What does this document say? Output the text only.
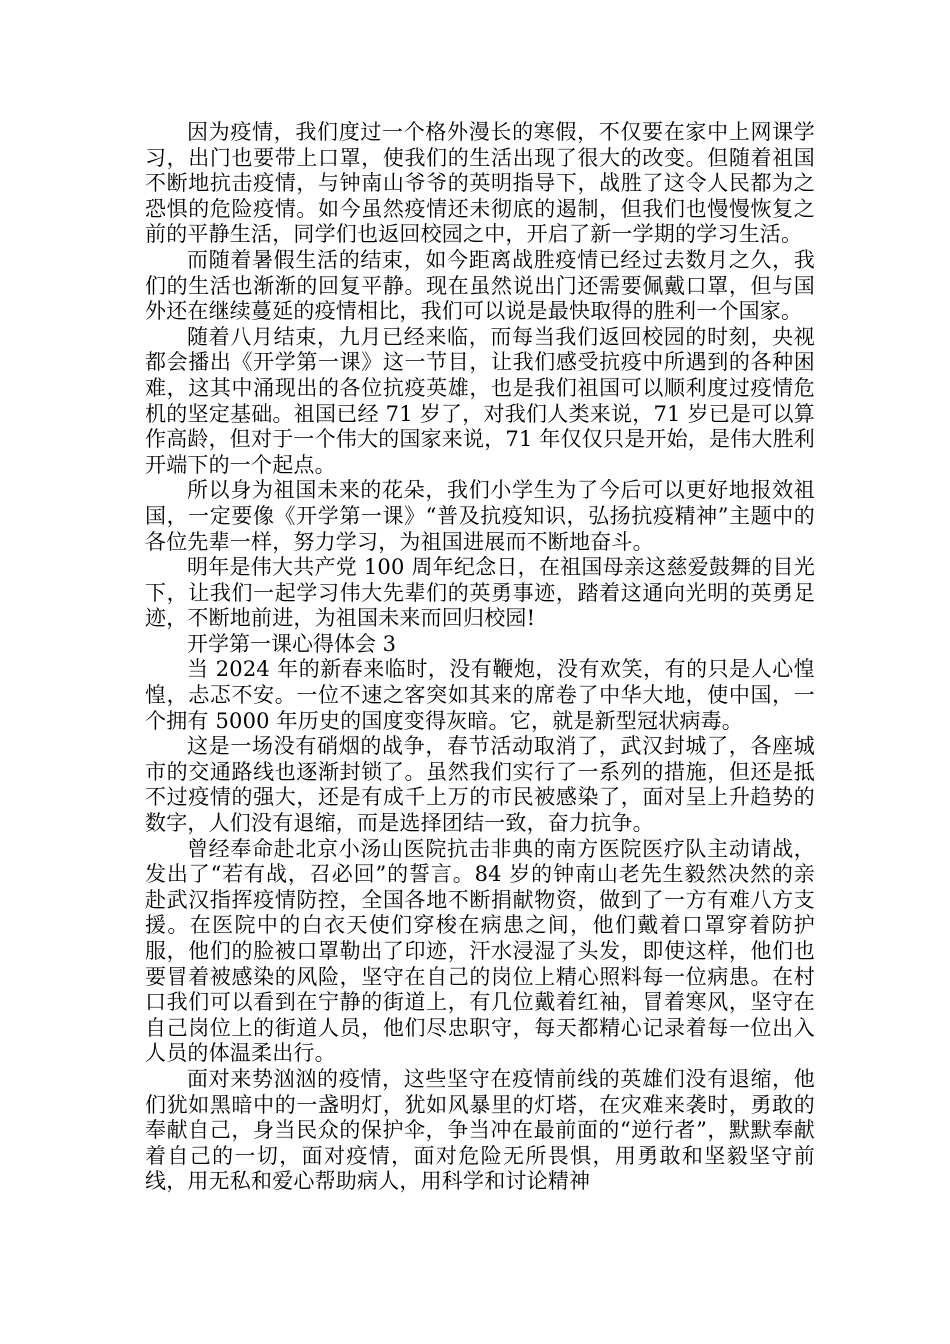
因为疫情，我们度过一个格外漫长的寒假，不仅要在家中上网课学习，出门也要带上口罩，使我们的生活出现了很大的改变。但随着祖国不断地抗击疫情，与钟南山爷爷的英明指导下，战胜了这令人民都为之恐惧的危险疫情。如今虽然疫情还未彻底的遏制，但我们也慢慢恢复之前的平静生活，同学们也返回校园之中，开启了新一学期的学习生活。

而随着暑假生活的结束，如今距离战胜疫情已经过去数月之久，我们的生活也渐渐的回复平静。现在虽然说出门还需要佩戴口罩，但与国外还在继续蔓延的疫情相比，我们可以说是最快取得的胜利一个国家。

随着八月结束，九月已经来临，而每当我们返回校园的时刻，央视都会播出《开学第一课》这一节目，让我们感受抗疫中所遇到的各种困难，这其中涌现出的各位抗疫英雄，也是我们祖国可以顺利度过疫情危机的坚定基础。祖国已经 71 岁了，对我们人类来说，71 岁已是可以算作高龄，但对于一个伟大的国家来说，71 年仅仅只是开始，是伟大胜利开端下的一个起点。

所以身为祖国未来的花朵，我们小学生为了今后可以更好地报效祖国，一定要像《开学第一课》“普及抗疫知识，弘扬抗疫精神”主题中的各位先辈一样，努力学习，为祖国进展而不断地奋斗。

明年是伟大共产党 100 周年纪念日，在祖国母亲这慈爱鼓舞的目光下，让我们一起学习伟大先辈们的英勇事迹，踏着这通向光明的英勇足迹，不断地前进，为祖国未来而回归校园!

开学第一课心得体会 3

当 2024 年的新春来临时，没有鞭炮，没有欢笑，有的只是人心惶惶，忐忑不安。一位不速之客突如其来的席卷了中华大地，使中国，一个拥有 5000 年历史的国度变得灰暗。它，就是新型冠状病毒。

这是一场没有硝烟的战争，春节活动取消了，武汉封城了，各座城市的交通路线也逐渐封锁了。虽然我们实行了一系列的措施，但还是抵不过疫情的强大，还是有成千上万的市民被感染了，面对呈上升趋势的数字，人们没有退缩，而是选择团结一致，奋力抗争。

曾经奉命赴北京小汤山医院抗击非典的南方医院医疗队主动请战，发出了“若有战，召必回”的誓言。84 岁的钟南山老先生毅然决然的亲赴武汉指挥疫情防控，全国各地不断捐献物资，做到了一方有难八方支援。在医院中的白衣天使们穿梭在病患之间，他们戴着口罩穿着防护服，他们的脸被口罩勒出了印迹，汗水浸湿了头发，即使这样，他们也要冒着被感染的风险，坚守在自己的岗位上精心照料每一位病患。在村口我们可以看到在宁静的街道上，有几位戴着红袖，冒着寒风，坚守在自己岗位上的街道人员，他们尽忠职守，每天都精心记录着每一位出入人员的体温柔出行。

面对来势汹汹的疫情，这些坚守在疫情前线的英雄们没有退缩，他们犹如黑暗中的一盏明灯，犹如风暴里的灯塔，在灾难来袭时，勇敢的奉献自己，身当民众的保护伞，争当冲在最前面的“逆行者”，默默奉献着自己的一切，面对疫情，面对危险无所畏惧，用勇敢和坚毅坚守前线，用无私和爱心帮助病人，用科学和讨论精神
